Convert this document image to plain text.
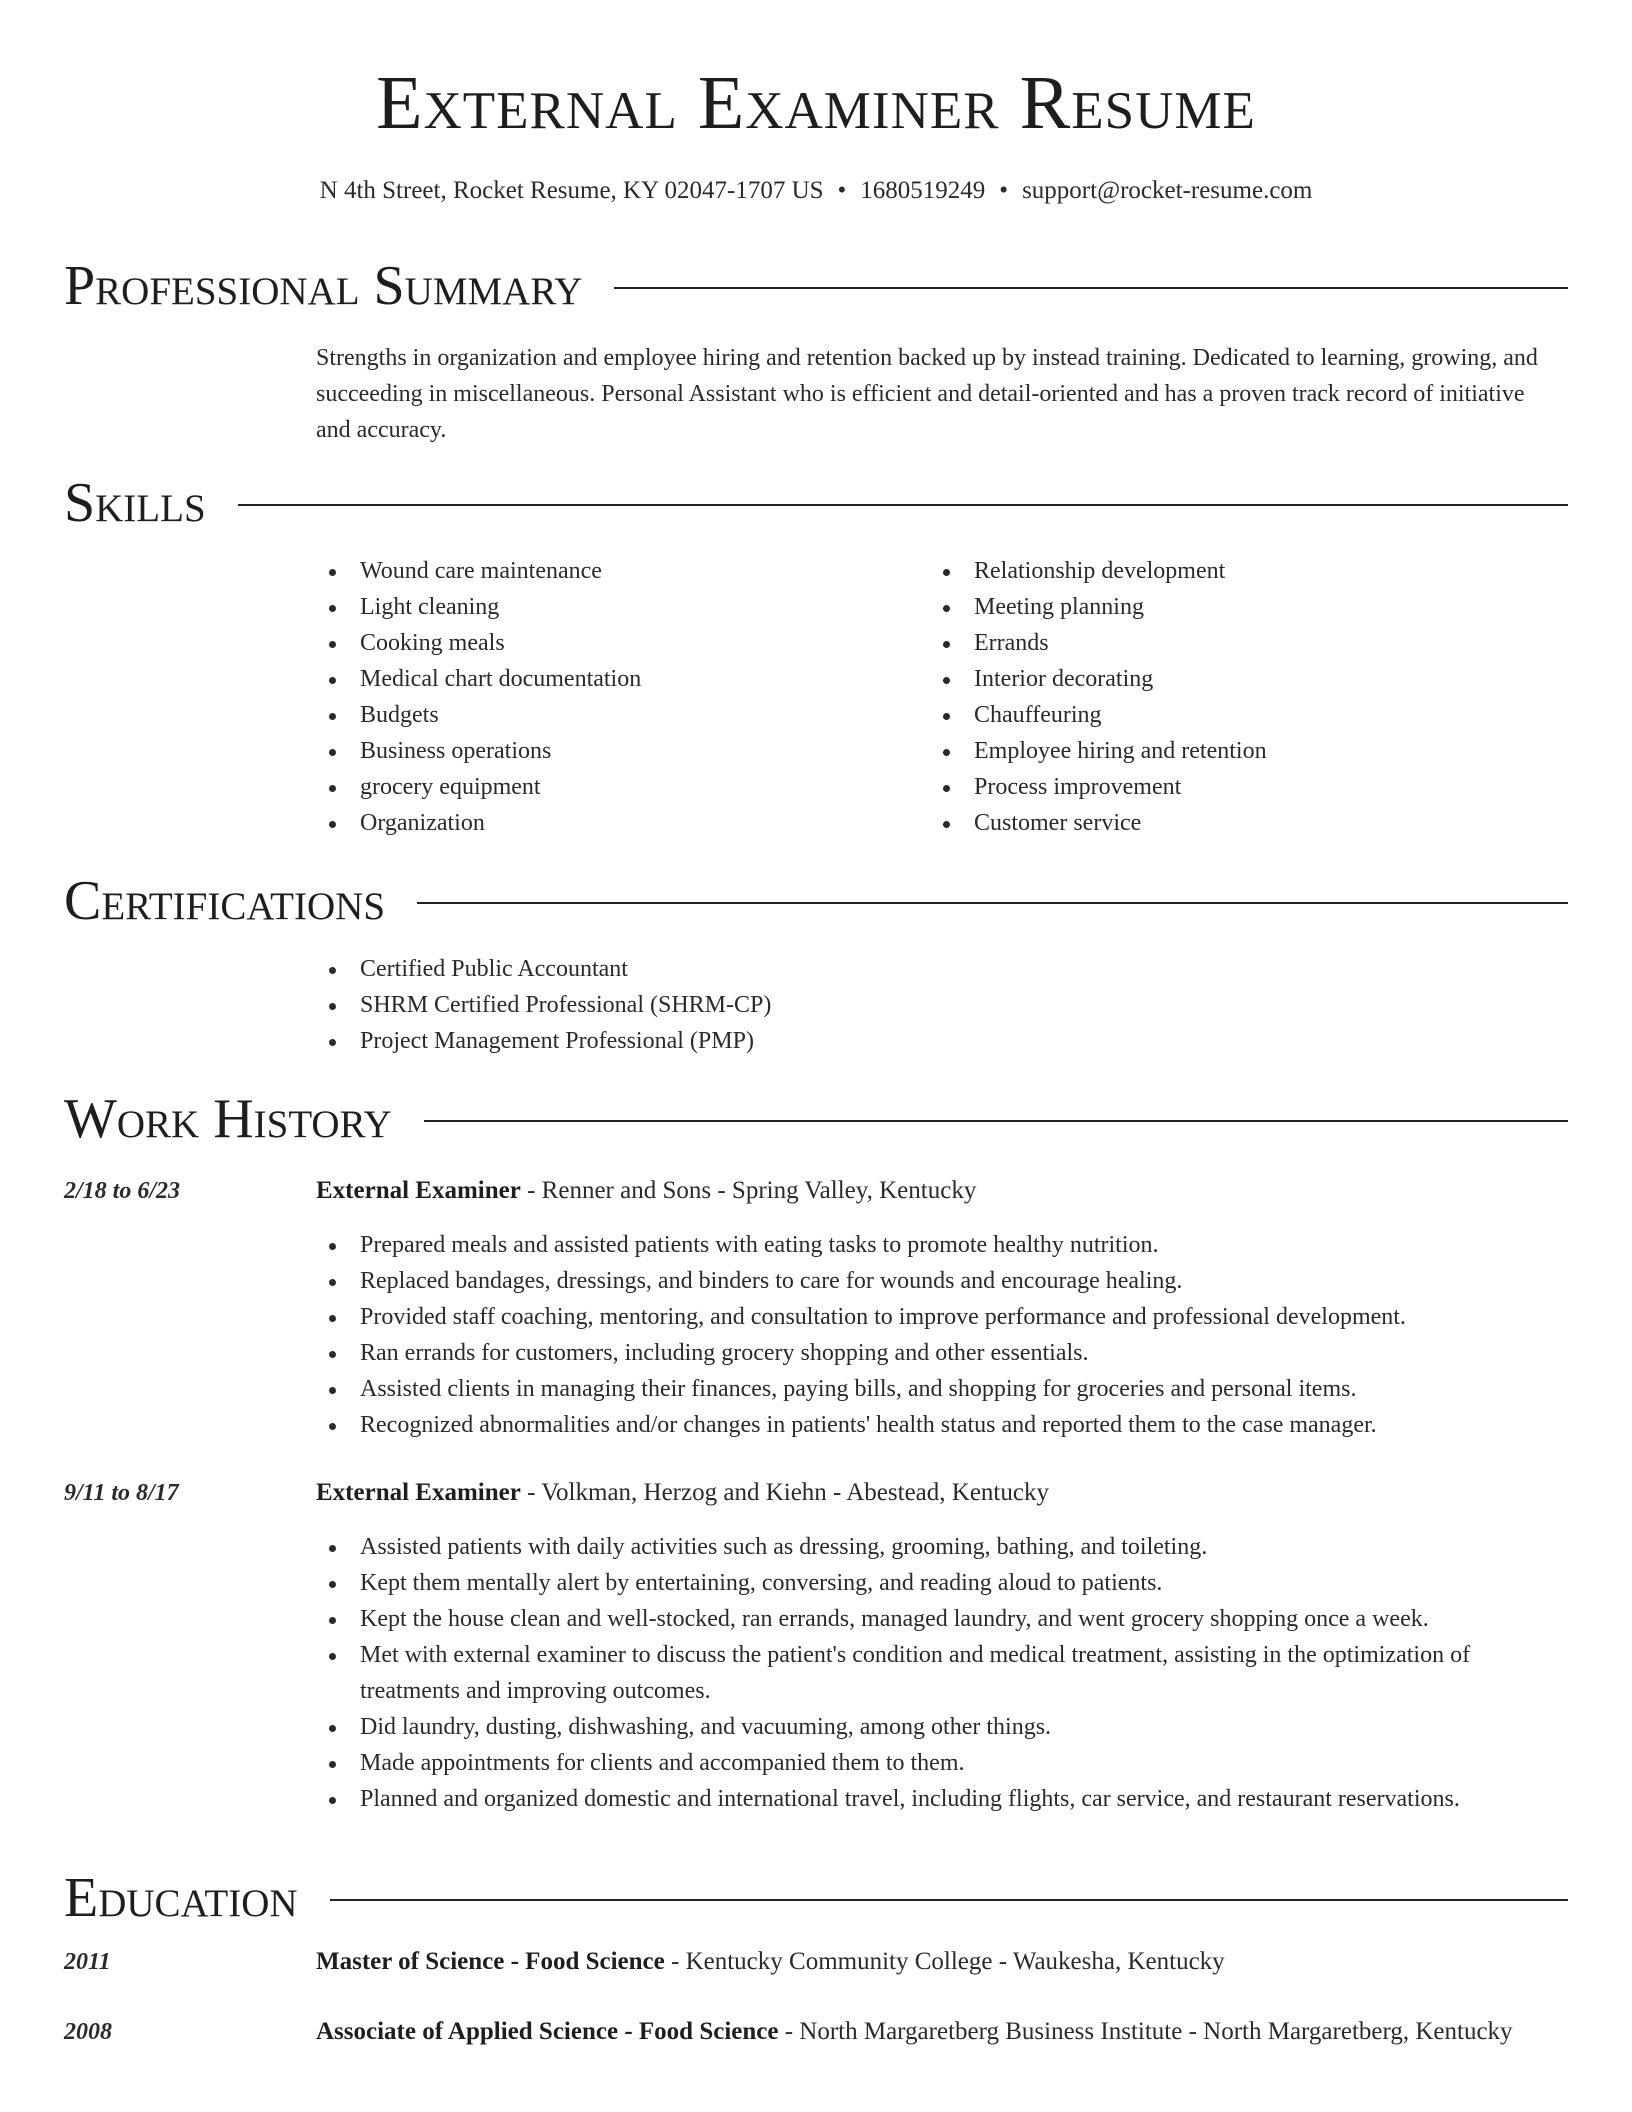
External Examiner Resume
N 4th Street, Rocket Resume, KY 02047-1707 US • 1680519249 • support@rocket-resume.com
Professional Summary
Strengths in organization and employee hiring and retention backed up by instead training. Dedicated to learning, growing, and succeeding in miscellaneous. Personal Assistant who is efficient and detail-oriented and has a proven track record of initiative and accuracy.
Skills
Wound care maintenance
Light cleaning
Cooking meals
Medical chart documentation
Budgets
Business operations
grocery equipment
Organization
Relationship development
Meeting planning
Errands
Interior decorating
Chauffeuring
Employee hiring and retention
Process improvement
Customer service
Certifications
Certified Public Accountant
SHRM Certified Professional (SHRM-CP)
Project Management Professional (PMP)
Work History
2/18 to 6/23	External Examiner - Renner and Sons - Spring Valley, Kentucky
Prepared meals and assisted patients with eating tasks to promote healthy nutrition.
Replaced bandages, dressings, and binders to care for wounds and encourage healing.
Provided staff coaching, mentoring, and consultation to improve performance and professional development.
Ran errands for customers, including grocery shopping and other essentials.
Assisted clients in managing their finances, paying bills, and shopping for groceries and personal items.
Recognized abnormalities and/or changes in patients' health status and reported them to the case manager.
9/11 to 8/17	External Examiner - Volkman, Herzog and Kiehn - Abestead, Kentucky
Assisted patients with daily activities such as dressing, grooming, bathing, and toileting.
Kept them mentally alert by entertaining, conversing, and reading aloud to patients.
Kept the house clean and well-stocked, ran errands, managed laundry, and went grocery shopping once a week.
Met with external examiner to discuss the patient's condition and medical treatment, assisting in the optimization of treatments and improving outcomes.
Did laundry, dusting, dishwashing, and vacuuming, among other things.
Made appointments for clients and accompanied them to them.
Planned and organized domestic and international travel, including flights, car service, and restaurant reservations.
Education
2011	Master of Science - Food Science - Kentucky Community College - Waukesha, Kentucky
2008	Associate of Applied Science - Food Science - North Margaretberg Business Institute - North Margaretberg, Kentucky
